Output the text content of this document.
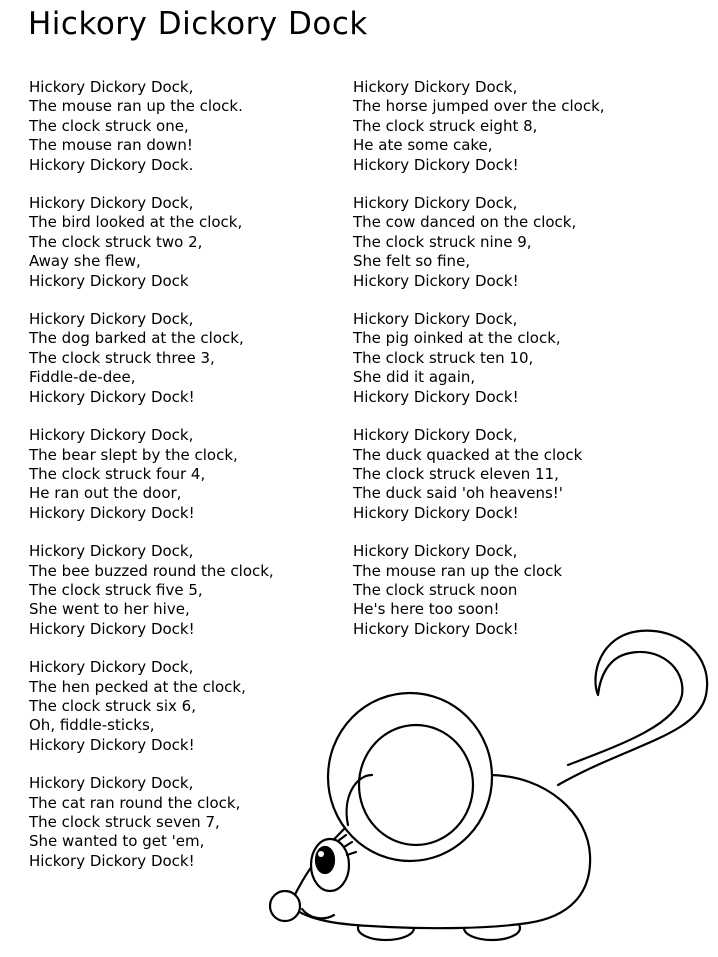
Hickory Dickory Dock
Hickory Dickory Dock,
The mouse ran up the clock.
The clock struck one,
The mouse ran down!
Hickory Dickory Dock.
Hickory Dickory Dock,
The bird looked at the clock,
The clock struck two 2,
Away she flew,
Hickory Dickory Dock
Hickory Dickory Dock,
The dog barked at the clock,
The clock struck three 3,
Fiddle-de-dee,
Hickory Dickory Dock!
Hickory Dickory Dock,
The bear slept by the clock,
The clock struck four 4,
He ran out the door,
Hickory Dickory Dock!
Hickory Dickory Dock,
The bee buzzed round the clock,
The clock struck five 5,
She went to her hive,
Hickory Dickory Dock!
Hickory Dickory Dock,
The hen pecked at the clock,
The clock struck six 6,
Oh, fiddle-sticks,
Hickory Dickory Dock!
Hickory Dickory Dock,
The cat ran round the clock,
The clock struck seven 7,
She wanted to get 'em,
Hickory Dickory Dock!
Hickory Dickory Dock,
The horse jumped over the clock,
The clock struck eight 8,
He ate some cake,
Hickory Dickory Dock!
Hickory Dickory Dock,
The cow danced on the clock,
The clock struck nine 9,
She felt so fine,
Hickory Dickory Dock!
Hickory Dickory Dock,
The pig oinked at the clock,
The clock struck ten 10,
She did it again,
Hickory Dickory Dock!
Hickory Dickory Dock,
The duck quacked at the clock
The clock struck eleven 11,
The duck said 'oh heavens!'
Hickory Dickory Dock!
Hickory Dickory Dock,
The mouse ran up the clock
The clock struck noon
He's here too soon!
Hickory Dickory Dock!
